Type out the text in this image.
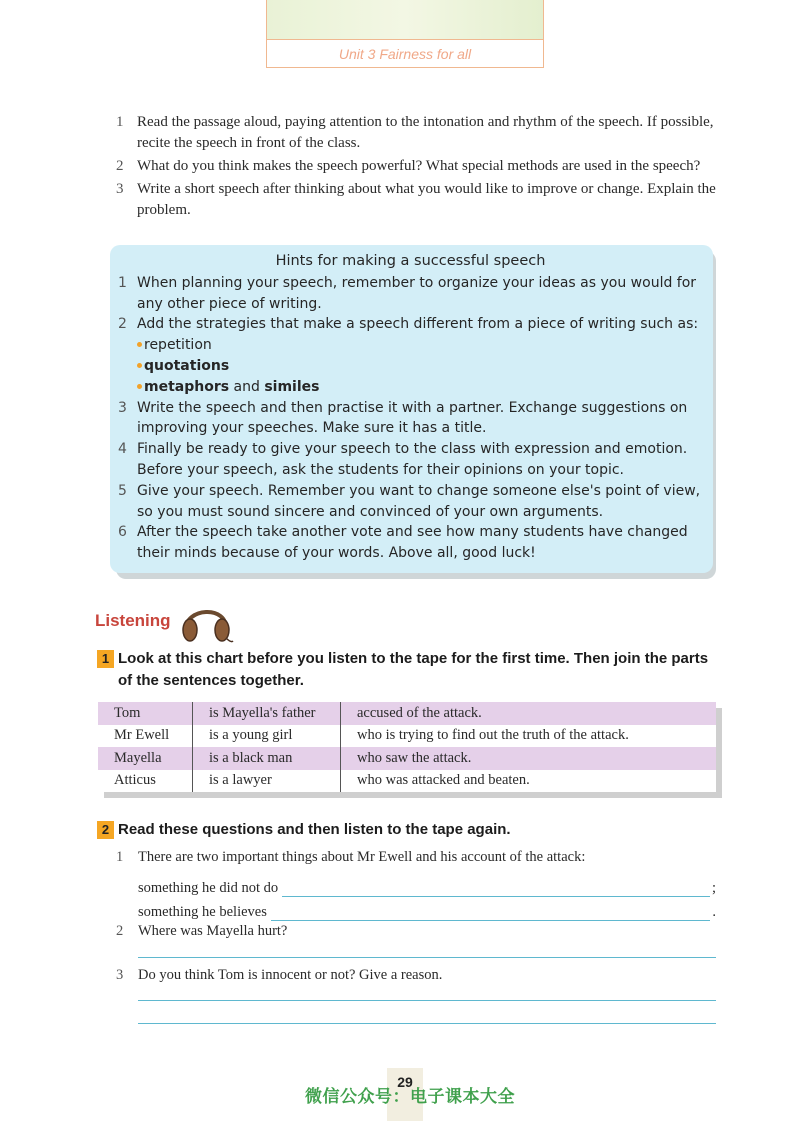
Unit 3 Fairness for all
1 Read the passage aloud, paying attention to the intonation and rhythm of the speech. If possible, recite the speech in front of the class.
2 What do you think makes the speech powerful? What special methods are used in the speech?
3 Write a short speech after thinking about what you would like to improve or change. Explain the problem.
Hints for making a successful speech
1 When planning your speech, remember to organize your ideas as you would for any other piece of writing.
2 Add the strategies that make a speech different from a piece of writing such as:
repetition
quotations
metaphors and similes
3 Write the speech and then practise it with a partner. Exchange suggestions on improving your speeches. Make sure it has a title.
4 Finally be ready to give your speech to the class with expression and emotion. Before your speech, ask the students for their opinions on your topic.
5 Give your speech. Remember you want to change someone else's point of view, so you must sound sincere and convinced of your own arguments.
6 After the speech take another vote and see how many students have changed their minds because of your words. Above all, good luck!
Listening
1 Look at this chart before you listen to the tape for the first time. Then join the parts of the sentences together.
Tom	is Mayella's father	accused of the attack.
Mr Ewell	is a young girl	who is trying to find out the truth of the attack.
Mayella	is a black man	who saw the attack.
Atticus	is a lawyer	who was attacked and beaten.
2 Read these questions and then listen to the tape again.
1	There are two important things about Mr Ewell and his account of the attack:
something he did not do	;
something he believes	.
2	Where was Mayella hurt?
3	Do you think Tom is innocent or not? Give a reason.
29
微信公众号：电子课本大全
